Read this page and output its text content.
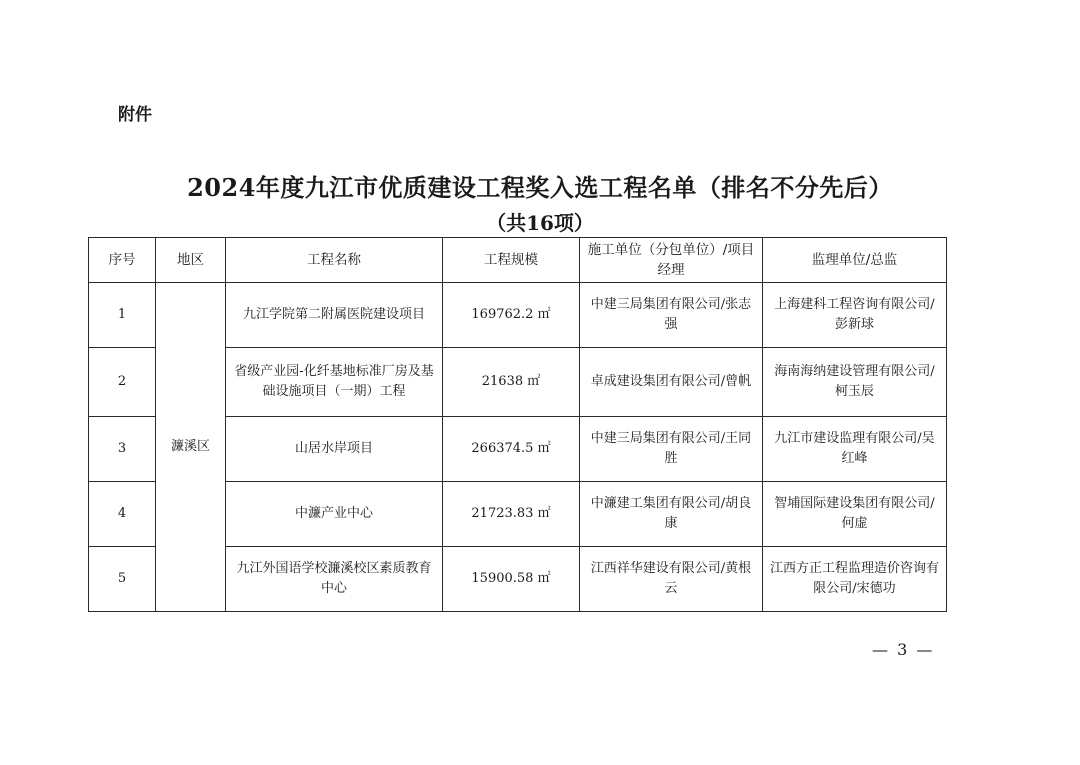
附件
2024年度九江市优质建设工程奖入选工程名单（排名不分先后）
（共16项）
序号	地区	工程名称	工程规模	施工单位（分包单位）/项目经理	监理单位/总监
1	濂溪区	九江学院第二附属医院建设项目	169762.2 ㎡	中建三局集团有限公司/张志强	上海建科工程咨询有限公司/彭新球
2		省级产业园-化纤基地标准厂房及基础设施项目（一期）工程	21638 ㎡	卓成建设集团有限公司/曾帆	海南海纳建设管理有限公司/柯玉辰
3		山居水岸项目	266374.5 ㎡	中建三局集团有限公司/王同胜	九江市建设监理有限公司/吴红峰
4		中濂产业中心	21723.83 ㎡	中濂建工集团有限公司/胡良康	智埔国际建设集团有限公司/何虚
5		九江外国语学校濂溪校区素质教育中心	15900.58 ㎡	江西祥华建设有限公司/黄根云	江西方正工程监理造价咨询有限公司/宋德功
— 3 —
